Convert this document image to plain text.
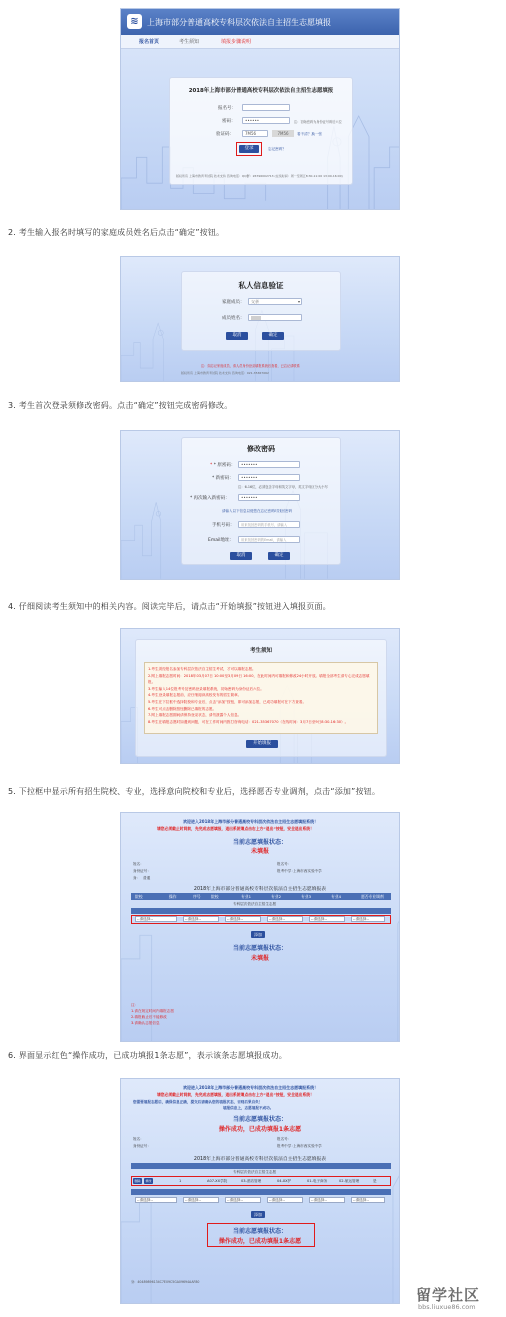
≋	上海市部分普通高校专科层次依法自主招生志愿填报
报名首页	考生须知	填报步骤说明
2018年上海市部分普通高校专科层次依法自主招生志愿填报
报名号：
密码：	••••••	注：初始密码为身份证号码后六位
验证码：	7M56	7M56	看不清？换一张
登录	忘记密码？
版权所有 上海市教育考试院 技术支持 咨询电话：QQ群：26796002713 (在线时间：周一至周五8:30-11:00 13:00-16:00)
2. 考生输入报名时填写的家庭成员姓名后点击“确定”按钮。
私人信息验证
家庭成员：	父亲	▾
成员姓名：
取消	确定
注：如忘记家庭成员，请人员身份登录填报系统后查看，已忘记请联系
版权所有 上海市教育考试院 技术支持 咨询电话：021-35367062
3. 考生首次登录须修改密码。点击“确定”按钮完成密码修改。
修改密码
* * 原密码：	•••••••
* 新密码：	•••••••
注：6-16位，必须包含字母和英文字母，英文字母区分大小写
* 再次输入新密码：	•••••••
请输入以下信息以便您在忘记密码时找回密码
手机号码：	用来找回密码的手机号，请输入
Email地址：	用来找回密码的Email，请输入
取消	确定
4. 仔细阅读考生须知中的相关内容。阅读完毕后，请点击“开始填报”按钮进入填报页面。
考生须知
1.考生须经报名参加专科层次依法自主招生考试，才可以填报志愿。
2.网上填报志愿时间：2018年03月07日 10:00至3月09日 16:00，在此时间内可填报和修改24小时开放。填报全部考生请专心完成志愿填报。
3.考生输入14位报考号及密码登录填报系统，初始密码为身份证后六位。
4.考生登录填报志愿前，应仔细阅读高校发布的招生简章。
5.考生在下拉框中选择院校和专业后，点击“添加”按钮，即可添加志愿，已成功填报可在下方查看。
6.考生可点击删除按钮删除已填报的志愿。
7.网上填报志愿期间请保持登录状态，请勿泄露个人信息。
8.考生在填报志愿时如遇到问题，可在工作时间内拨打咨询电话：021-35367070（在线时间：3月7日至9日8:30-16:30）。
开始填报
5. 下拉框中显示所有招生院校、专业，选择意向院校和专业后，选择愿否专业调剂，点击“添加”按钮。
欢迎进入2018年上海市部分普通高校专科层次依法自主招生志愿填报系统！
请您必须截止时间前，先完成志愿填报，退出系统请点击右上方“退出”按钮，安全退出系统！
当前志愿填报状态：
未填报
姓名：	报名号：
身份证号：	报考中学：
上海市西实验中学
身： 普通
2018年上海市部分普通高校专科层次依法自主招生志愿填报表
院校	操作	序号	院校	专业1	专业2	专业3	专业4	愿否专业调剂
专科层次依法自主招生志愿
--请选择--	--请选择--	--请选择--	--请选择--	--请选择--	--请选择--
添加
当前志愿填报状态：
未填报
注：
1.请在规定时间内填报志愿
2.填报截止后不能修改
3.请确认志愿信息
6. 界面显示红色“操作成功，已成功填报1条志愿”，表示该条志愿填报成功。
欢迎进入2018年上海市部分普通高校专科层次依法自主招生志愿填报系统！
请您必须截止时间前，先完成志愿填报，退出系统请点击右上方“退出”按钮，安全退出系统！
您需要填报志愿后，确保信息正确，提交后请确认您的填报状态，否则后果自负！
填报信息上，志愿填报不成功。
当前志愿填报状态：
操作成功，已成功填报1条志愿
姓名：	报名号：
身份证号：	报考中学：
上海市西实验中学
2018年上海市部分普通高校专科层次依法自主招生志愿填报表
专科层次依法自主招生志愿
删除	修改	1	A07-XX学院	03-酒店管理	04-XX护	01-电子商务	02-航运管理	是
--请选择--	--请选择--	--请选择--	--请选择--	--请选择--	--请选择--
添加
当前志愿填报状态：
操作成功，已成功填报1条志愿
身：40489896134C7E09C5GA09694AAF80
留学社区
bbs.liuxue86.com
